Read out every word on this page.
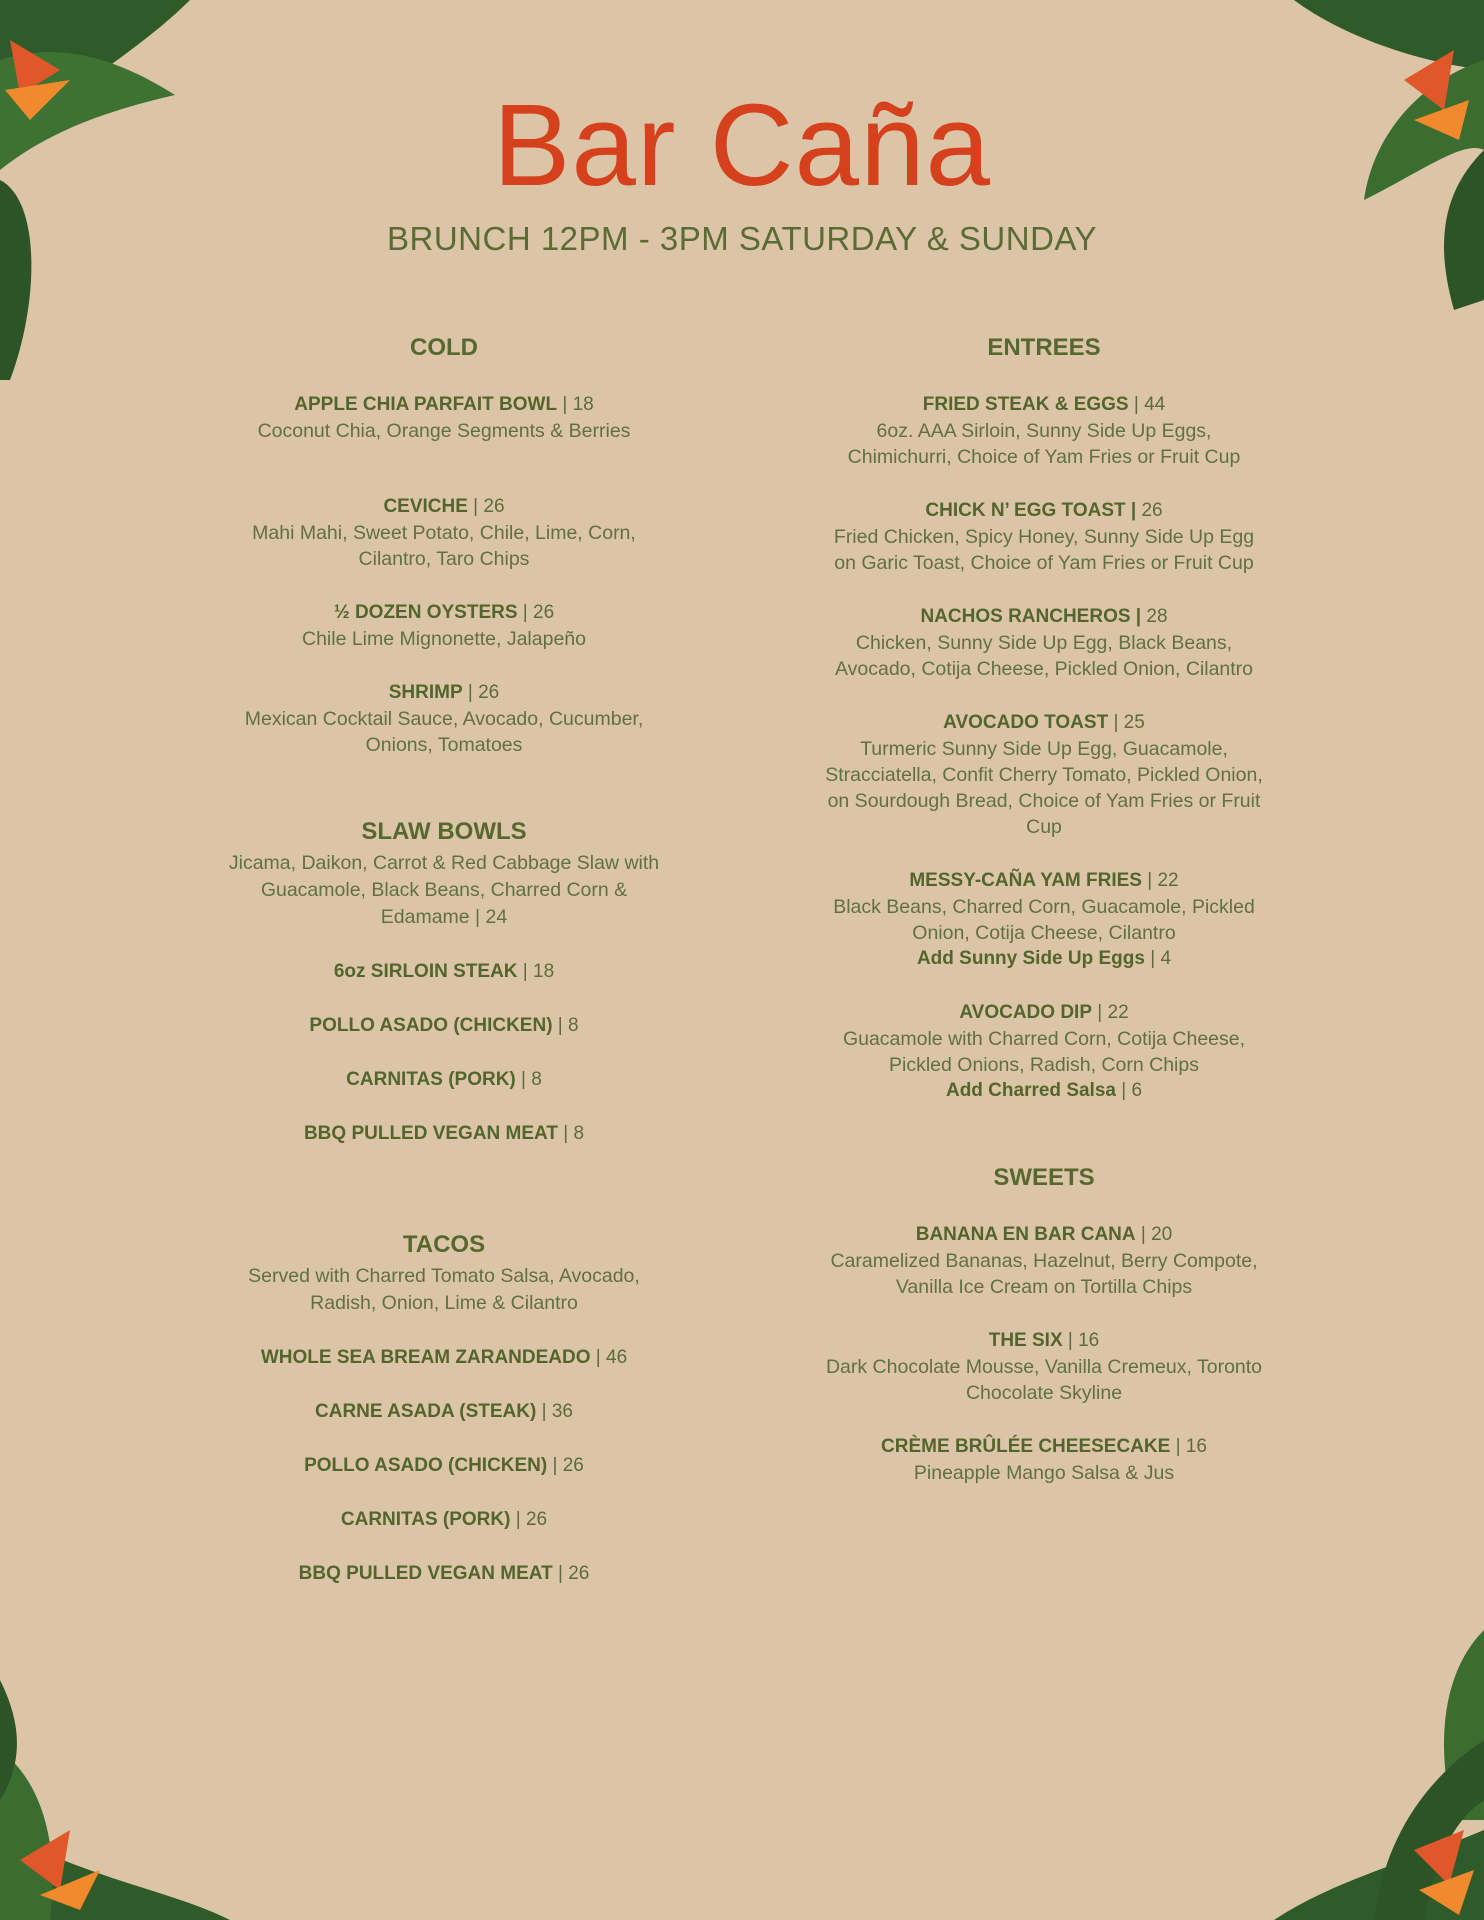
Bar Caña
BRUNCH 12PM - 3PM SATURDAY & SUNDAY
COLD
APPLE CHIA PARFAIT BOWL | 18
Coconut Chia, Orange Segments & Berries
CEVICHE | 26
Mahi Mahi, Sweet Potato, Chile, Lime, Corn, Cilantro, Taro Chips
½ DOZEN OYSTERS | 26
Chile Lime Mignonette, Jalapeño
SHRIMP | 26
Mexican Cocktail Sauce, Avocado, Cucumber, Onions, Tomatoes
SLAW BOWLS
Jicama, Daikon, Carrot & Red Cabbage Slaw with Guacamole, Black Beans, Charred Corn & Edamame | 24
6oz SIRLOIN STEAK | 18
POLLO ASADO (CHICKEN) | 8
CARNITAS (PORK) | 8
BBQ PULLED VEGAN MEAT | 8
TACOS
Served with Charred Tomato Salsa, Avocado, Radish, Onion, Lime & Cilantro
WHOLE SEA BREAM ZARANDEADO | 46
CARNE ASADA (STEAK) | 36
POLLO ASADO (CHICKEN) | 26
CARNITAS (PORK) | 26
BBQ PULLED VEGAN MEAT | 26
ENTREES
FRIED STEAK & EGGS | 44
6oz. AAA Sirloin, Sunny Side Up Eggs, Chimichurri, Choice of Yam Fries or Fruit Cup
CHICK N’ EGG TOAST | 26
Fried Chicken, Spicy Honey, Sunny Side Up Egg on Garic Toast, Choice of Yam Fries or Fruit Cup
NACHOS RANCHEROS | 28
Chicken, Sunny Side Up Egg, Black Beans, Avocado, Cotija Cheese, Pickled Onion, Cilantro
AVOCADO TOAST | 25
Turmeric Sunny Side Up Egg, Guacamole, Stracciatella, Confit Cherry Tomato, Pickled Onion, on Sourdough Bread, Choice of Yam Fries or Fruit Cup
MESSY-CAÑA YAM FRIES | 22
Black Beans, Charred Corn, Guacamole, Pickled Onion, Cotija Cheese, Cilantro
Add Sunny Side Up Eggs | 4
AVOCADO DIP | 22
Guacamole with Charred Corn, Cotija Cheese, Pickled Onions, Radish, Corn Chips
Add Charred Salsa | 6
SWEETS
BANANA EN BAR CANA | 20
Caramelized Bananas, Hazelnut, Berry Compote, Vanilla Ice Cream on Tortilla Chips
THE SIX | 16
Dark Chocolate Mousse, Vanilla Cremeux, Toronto Chocolate Skyline
CRÈME BRÛLÉE CHEESECAKE | 16
Pineapple Mango Salsa & Jus
